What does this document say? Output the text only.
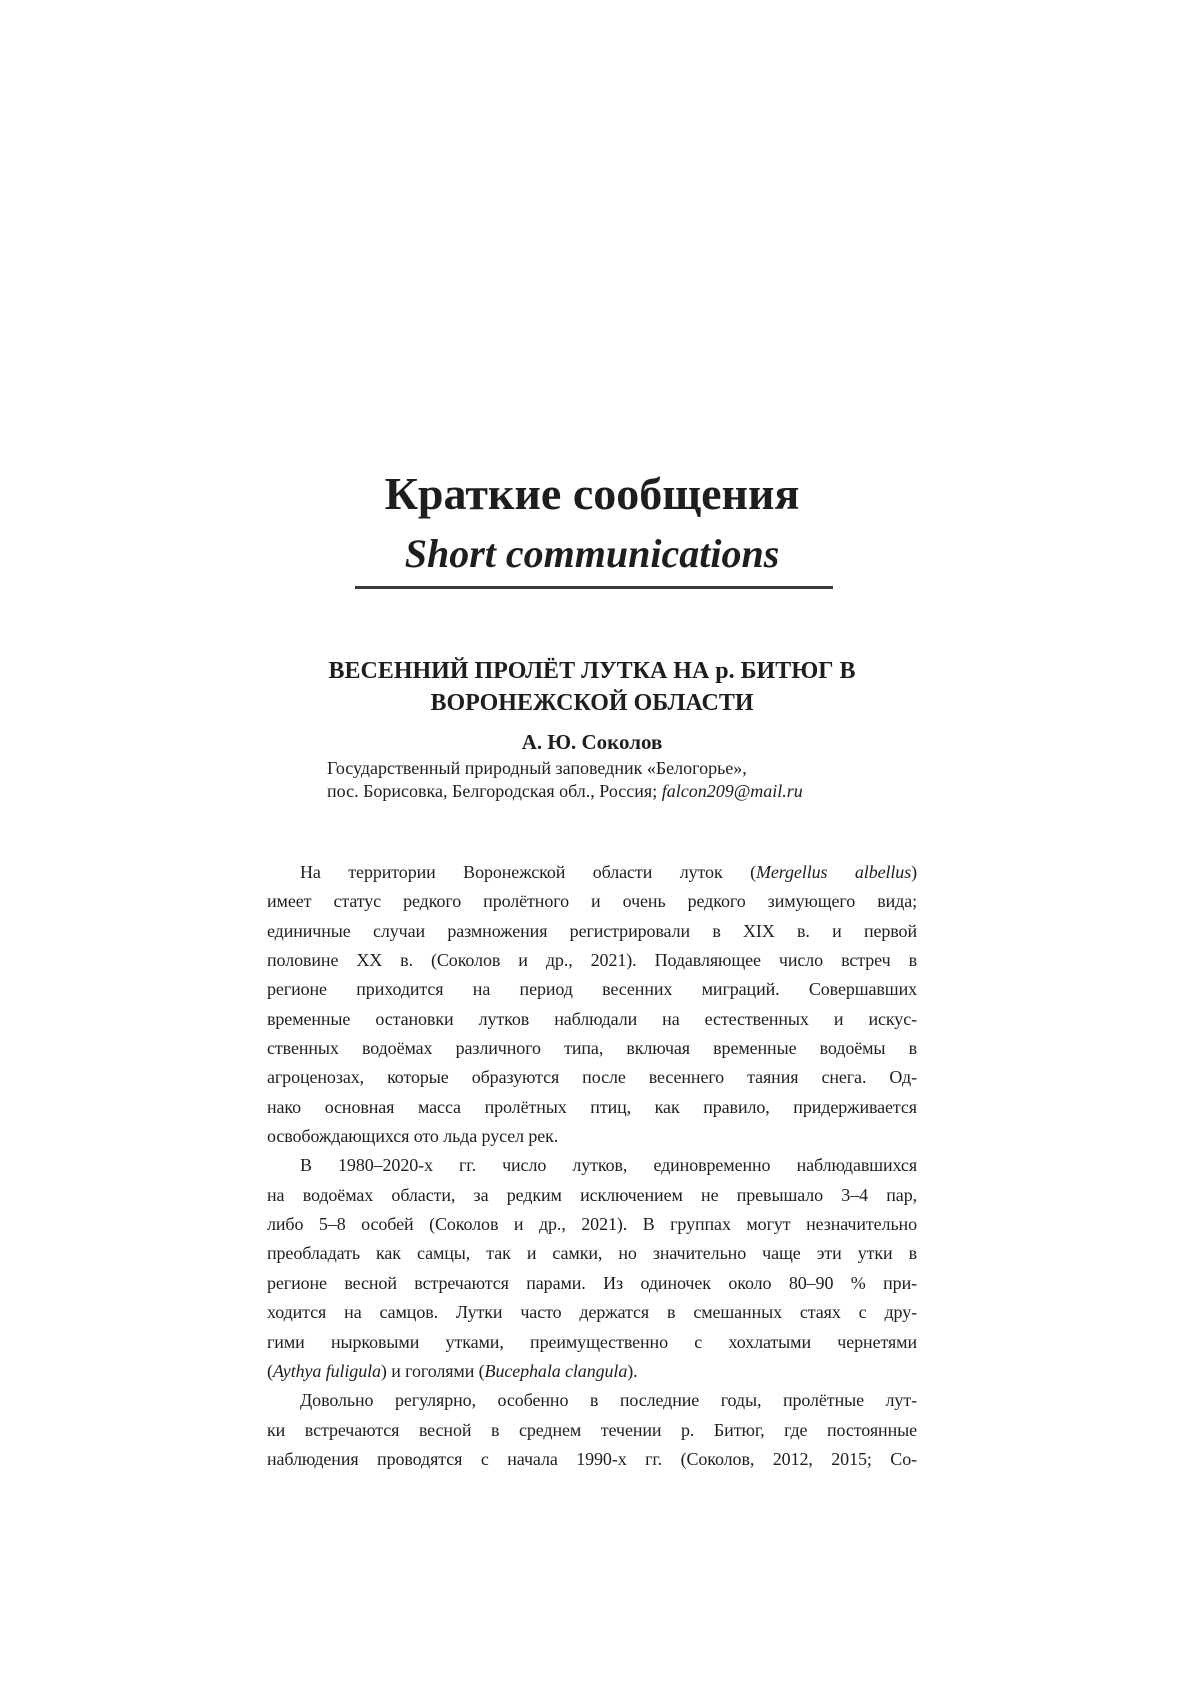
Краткие сообщения
Short communications
ВЕСЕННИЙ ПРОЛЁТ ЛУТКА НА р. БИТЮГ В
ВОРОНЕЖСКОЙ ОБЛАСТИ
А. Ю. Соколов
Государственный природный заповедник «Белогорье»,
пос. Борисовка, Белгородская обл., Россия; falcon209@mail.ru
На территории Воронежской области луток (Mergellus albellus)
имеет статус редкого пролётного и очень редкого зимующего вида;
единичные случаи размножения регистрировали в XIX в. и первой
половине XX в. (Соколов и др., 2021). Подавляющее число встреч в
регионе приходится на период весенних миграций. Совершавших
временные остановки лутков наблюдали на естественных и искус-
ственных водоёмах различного типа, включая временные водоёмы в
агроценозах, которые образуются после весеннего таяния снега. Од-
нако основная масса пролётных птиц, как правило, придерживается
освобождающихся ото льда русел рек.
В 1980–2020-х гг. число лутков, единовременно наблюдавшихся
на водоёмах области, за редким исключением не превышало 3–4 пар,
либо 5–8 особей (Соколов и др., 2021). В группах могут незначительно
преобладать как самцы, так и самки, но значительно чаще эти утки в
регионе весной встречаются парами. Из одиночек около 80–90 % при-
ходится на самцов. Лутки часто держатся в смешанных стаях с дру-
гими нырковыми утками, преимущественно с хохлатыми чернетями
(Aythya fuligula) и гоголями (Bucephala clangula).
Довольно регулярно, особенно в последние годы, пролётные лут-
ки встречаются весной в среднем течении р. Битюг, где постоянные
наблюдения проводятся с начала 1990-х гг. (Соколов, 2012, 2015; Со-
